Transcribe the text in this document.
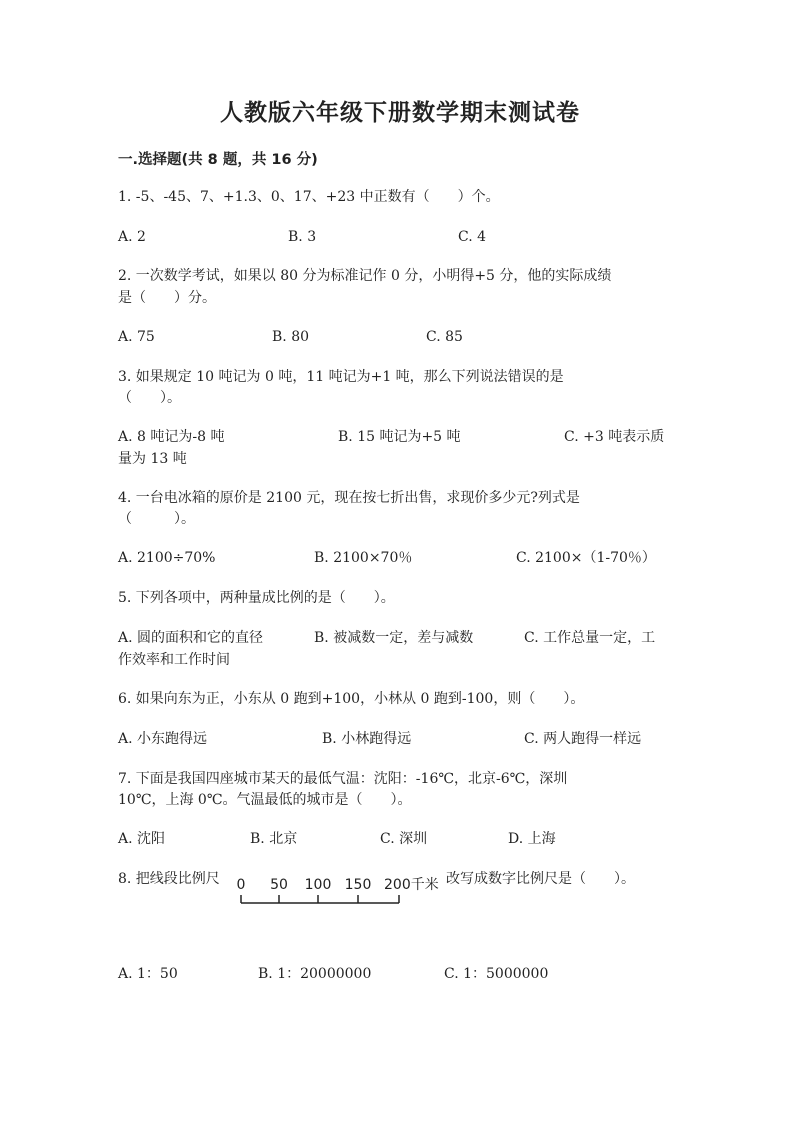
人教版六年级下册数学期末测试卷
一.选择题(共 8 题，共 16 分)
1. -5、-45、7、+1.3、0、17、+23 中正数有（　　）个。
A. 2	B. 3	C. 4
2. 一次数学考试，如果以 80 分为标准记作 0 分，小明得+5 分，他的实际成绩
是（　　）分。
A. 75	B. 80	C. 85
3. 如果规定 10 吨记为 0 吨，11 吨记为+1 吨，那么下列说法错误的是
（　　）。
A. 8 吨记为-8 吨	B. 15 吨记为+5 吨	C. +3 吨表示质
量为 13 吨
4. 一台电冰箱的原价是 2100 元，现在按七折出售，求现价多少元?列式是
（　　　）。
A. 2100÷70%	B. 2100×70％	C. 2100×（1-70％）
5. 下列各项中，两种量成比例的是（　　）。
A. 圆的面积和它的直径	B. 被减数一定，差与减数	C. 工作总量一定，工
作效率和工作时间
6. 如果向东为正，小东从 0 跑到+100，小林从 0 跑到-100，则（　　）。
A. 小东跑得远	B. 小林跑得远	C. 两人跑得一样远
7. 下面是我国四座城市某天的最低气温：沈阳：-16℃，北京-6℃，深圳
10℃，上海 0℃。气温最低的城市是（　　）。
A. 沈阳	B. 北京	C. 深圳	D. 上海
8. 把线段比例尺 0 50 100 150 200千米 改写成数字比例尺是（　　）。
A. 1：50	B. 1：20000000	C. 1：5000000
